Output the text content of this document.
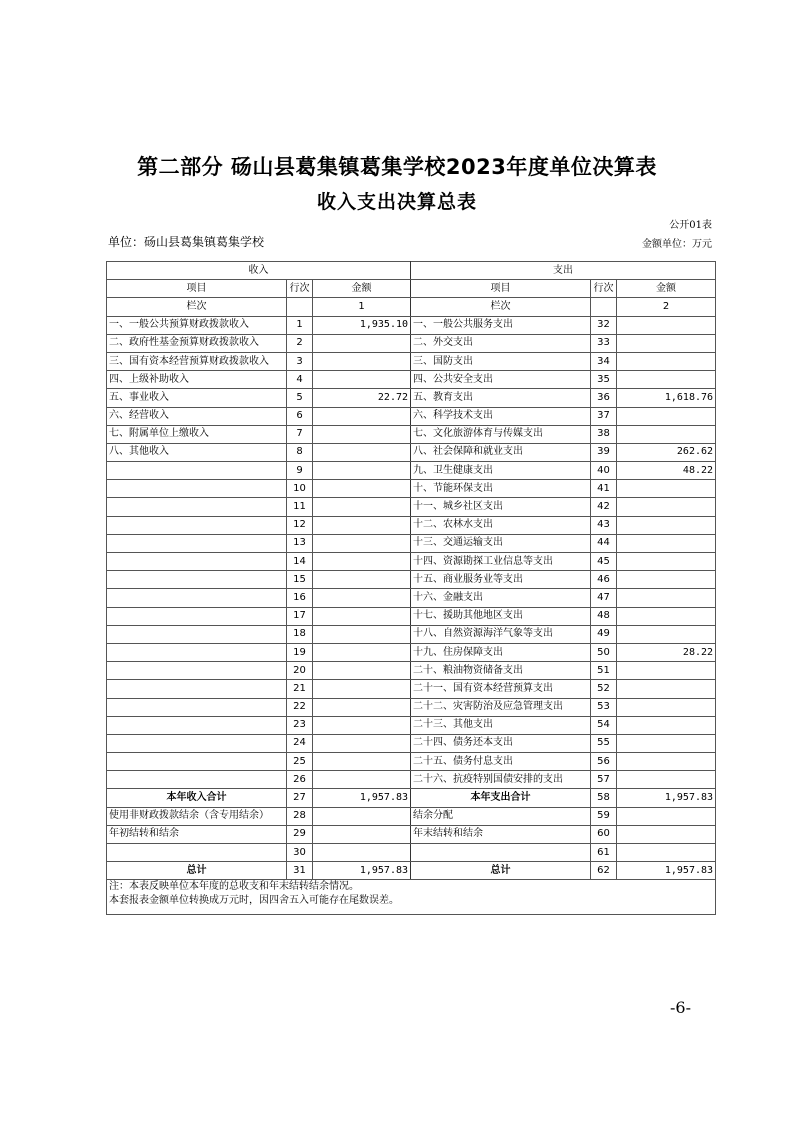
第二部分 砀山县葛集镇葛集学校2023年度单位决算表
收入支出决算总表
公开01表
单位：砀山县葛集镇葛集学校	金额单位：万元
收入			支出		
项目	行次	金额	项目	行次	金额
栏次		1	栏次		2
一、一般公共预算财政拨款收入	1	1,935.10	一、一般公共服务支出	32	
二、政府性基金预算财政拨款收入	2		二、外交支出	33	
三、国有资本经营预算财政拨款收入	3		三、国防支出	34	
四、上级补助收入	4		四、公共安全支出	35	
五、事业收入	5	22.72	五、教育支出	36	1,618.76
六、经营收入	6		六、科学技术支出	37	
七、附属单位上缴收入	7		七、文化旅游体育与传媒支出	38	
八、其他收入	8		八、社会保障和就业支出	39	262.62
	9		九、卫生健康支出	40	48.22
	10		十、节能环保支出	41	
	11		十一、城乡社区支出	42	
	12		十二、农林水支出	43	
	13		十三、交通运输支出	44	
	14		十四、资源勘探工业信息等支出	45	
	15		十五、商业服务业等支出	46	
	16		十六、金融支出	47	
	17		十七、援助其他地区支出	48	
	18		十八、自然资源海洋气象等支出	49	
	19		十九、住房保障支出	50	28.22
	20		二十、粮油物资储备支出	51	
	21		二十一、国有资本经营预算支出	52	
	22		二十二、灾害防治及应急管理支出	53	
	23		二十三、其他支出	54	
	24		二十四、债务还本支出	55	
	25		二十五、债务付息支出	56	
	26		二十六、抗疫特别国债安排的支出	57	
本年收入合计	27	1,957.83	本年支出合计	58	1,957.83
使用非财政拨款结余（含专用结余）	28		结余分配	59	
年初结转和结余	29		年末结转和结余	60	
	30			61	
总计	31	1,957.83	总计	62	1,957.83

注：本表反映单位本年度的总收支和年末结转结余情况。
本套报表金额单位转换成万元时，因四舍五入可能存在尾数误差。					
-6-
